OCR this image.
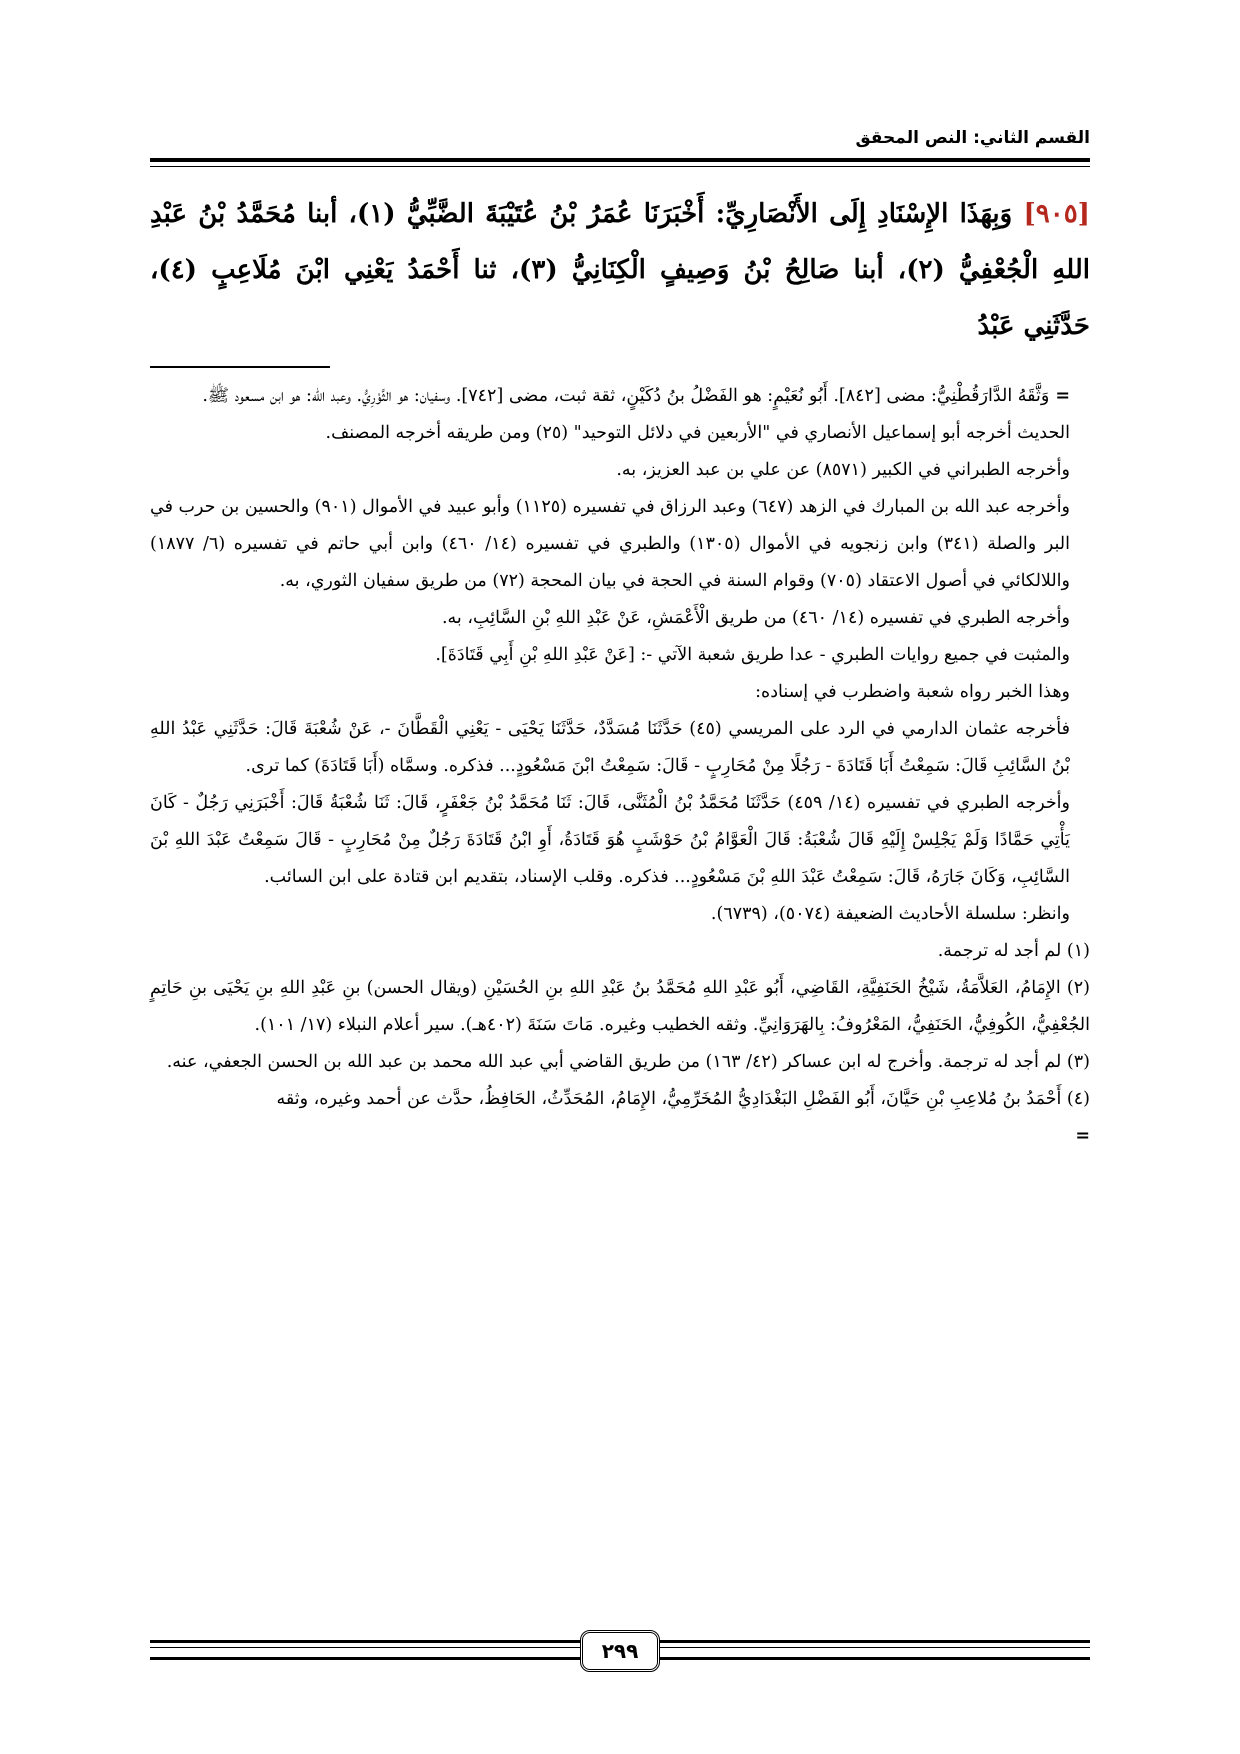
القسم الثاني: النص المحقق
[٩٠٥] وَبِهَذَا الإِسْنَادِ إِلَى الأَنْصَارِيِّ: أَخْبَرَنَا عُمَرُ بْنُ عُتَيْبَةَ الضَّبِّيُّ (١)، أبنا مُحَمَّدُ بْنُ عَبْدِ اللهِ الْجُعْفِيُّ (٢)، أبنا صَالِحُ بْنُ وَصِيفٍ الْكِنَانِيُّ (٣)، ثنا أَحْمَدُ يَعْنِي ابْنَ مُلَاعِبٍ (٤)، حَدَّثَنِي عَبْدُ

=وَثَّقَهُ الدَّارَقُطْنِيُّ: مضى [٨٤٢]. أَبُو نُعَيْمٍ: هو الفَضْلُ بنُ دُكَيْنٍ، ثقة ثبت، مضى [٧٤٢]. وسفيان: هو الثَّوْرِيُّ. وعبد الله: هو ابن مسعود ﷺ.

الحديث أخرجه أبو إسماعيل الأنصاري في "الأربعين في دلائل التوحيد" (٢٥) ومن طريقه أخرجه المصنف.

وأخرجه الطبراني في الكبير (٨٥٧١) عن علي بن عبد العزيز، به.

وأخرجه عبد الله بن المبارك في الزهد (٦٤٧) وعبد الرزاق في تفسيره (١١٢٥) وأبو عبيد في الأموال (٩٠١) والحسين بن حرب في البر والصلة (٣٤١) وابن زنجويه في الأموال (١٣٠٥) والطبري في تفسيره (١٤/ ٤٦٠) وابن أبي حاتم في تفسيره (٦/ ١٨٧٧) واللالكائي في أصول الاعتقاد (٧٠٥) وقوام السنة في الحجة في بيان المحجة (٧٢) من طريق سفيان الثوري، به.

وأخرجه الطبري في تفسيره (١٤/ ٤٦٠) من طريق الْأَعْمَشِ، عَنْ عَبْدِ اللهِ بْنِ السَّائِبِ، به.

والمثبت في جميع روايات الطبري - عدا طريق شعبة الآتي -: [عَنْ عَبْدِ اللهِ بْنِ أَبِي قَتَادَةَ].

وهذا الخبر رواه شعبة واضطرب في إسناده:

فأخرجه عثمان الدارمي في الرد على المريسي (٤٥) حَدَّثَنَا مُسَدَّدٌ، حَدَّثَنَا يَحْيَى - يَعْنِي الْقَطَّانَ -، عَنْ شُعْبَةَ قَالَ: حَدَّثَنِي عَبْدُ اللهِ بْنُ السَّائِبِ قَالَ: سَمِعْتُ أَبَا قَتَادَةَ - رَجُلًا مِنْ مُحَارِبٍ - قَالَ: سَمِعْتُ ابْنَ مَسْعُودٍ... فذكره. وسمَّاه (أَبَا قَتَادَةَ) كما ترى.

وأخرجه الطبري في تفسيره (١٤/ ٤٥٩) حَدَّثَنَا مُحَمَّدُ بْنُ الْمُثَنَّى، قَالَ: ثَنَا مُحَمَّدُ بْنُ جَعْفَرٍ، قَالَ: ثَنَا شُعْبَةُ قَالَ: أَخْبَرَنِي رَجُلٌ - كَانَ يَأْتِي حَمَّادًا وَلَمْ يَجْلِسْ إِلَيْهِ قَالَ شُعْبَةُ: قَالَ الْعَوَّامُ بْنُ حَوْشَبٍ هُوَ قَتَادَةُ، أَوِ ابْنُ قَتَادَةَ رَجُلٌ مِنْ مُحَارِبٍ - قَالَ سَمِعْتُ عَبْدَ اللهِ بْنَ السَّائِبِ، وَكَانَ جَارَهُ، قَالَ: سَمِعْتُ عَبْدَ اللهِ بْنَ مَسْعُودٍ... فذكره. وقلب الإسناد، بتقديم ابن قتادة على ابن السائب.

وانظر: سلسلة الأحاديث الضعيفة (٥٠٧٤)، (٦٧٣٩).

(١) لم أجد له ترجمة.

(٢) الإِمَامُ، العَلاَّمَةُ، شَيْخُ الحَنَفِيَّةِ، القَاضِي، أَبُو عَبْدِ اللهِ مُحَمَّدُ بنُ عَبْدِ اللهِ بنِ الحُسَيْنِ (ويقال الحسن) بنِ عَبْدِ اللهِ بنِ يَحْيَى بنِ حَاتِمٍ الجُعْفِيُّ، الكُوفِيُّ، الحَنَفِيُّ، المَعْرُوفُ: بِالهَرَوَانِيِّ. وثقه الخطيب وغيره. مَاتَ سَنَةَ (٤٠٢هـ). سير أعلام النبلاء (١٧/ ١٠١).

(٣) لم أجد له ترجمة. وأخرج له ابن عساكر (٤٢/ ١٦٣) من طريق القاضي أبي عبد الله محمد بن عبد الله بن الحسن الجعفي، عنه.

(٤) أَحْمَدُ بنُ مُلاعِبِ بْنِ حَيَّانَ، أَبُو الفَضْلِ البَغْدَادِيُّ المُخَرِّمِيُّ، الإِمَامُ، المُحَدِّثُ، الحَافِظُ، حدَّث عن أحمد وغيره، وثقه

=

٢٩٩
